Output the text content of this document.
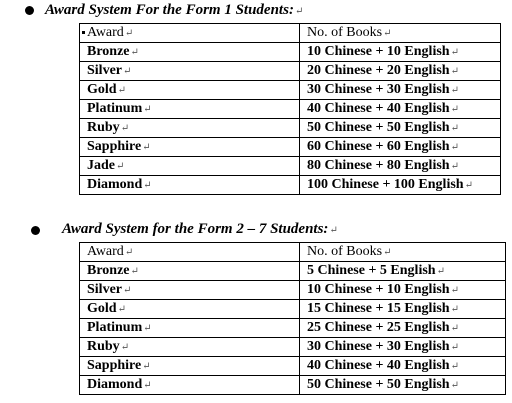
Award System For the Form 1 Students:↵
Award↵	No. of Books↵
Bronze↵	10 Chinese + 10 English↵
Silver↵	20 Chinese + 20 English↵
Gold↵	30 Chinese + 30 English↵
Platinum↵	40 Chinese + 40 English↵
Ruby↵	50 Chinese + 50 English↵
Sapphire↵	60 Chinese + 60 English↵
Jade↵	80 Chinese + 80 English↵
Diamond↵	100 Chinese + 100 English↵
Award System for the Form 2 – 7 Students:↵
Award↵	No. of Books↵
Bronze↵	5 Chinese + 5 English↵
Silver↵	10 Chinese + 10 English↵
Gold↵	15 Chinese + 15 English↵
Platinum↵	25 Chinese + 25 English↵
Ruby↵	30 Chinese + 30 English↵
Sapphire↵	40 Chinese + 40 English↵
Diamond↵	50 Chinese + 50 English↵
